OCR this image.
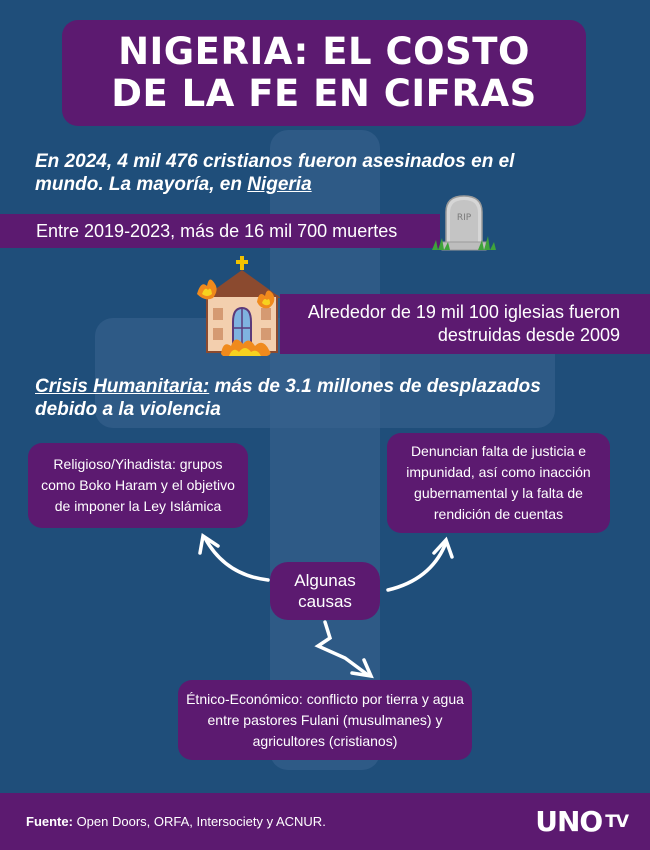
NIGERIA: EL COSTO DE LA FE EN CIFRAS
En 2024, 4 mil 476 cristianos fueron asesinados en el mundo. La mayoría, en Nigeria
Entre 2019-2023, más de 16 mil 700 muertes
RIP
Alrededor de 19 mil 100 iglesias fueron destruidas desde 2009
Crisis Humanitaria: más de 3.1 millones de desplazados debido a la violencia
Religioso/Yihadista: grupos como Boko Haram y el objetivo de imponer la Ley Islámica
Denuncian falta de justicia e impunidad, así como inacción gubernamental y la falta de rendición de cuentas
Algunas causas
Étnico-Económico: conflicto por tierra y agua entre pastores Fulani (musulmanes) y agricultores (cristianos)
Fuente: Open Doors, ORFA, Intersociety y ACNUR.	UNO TV
